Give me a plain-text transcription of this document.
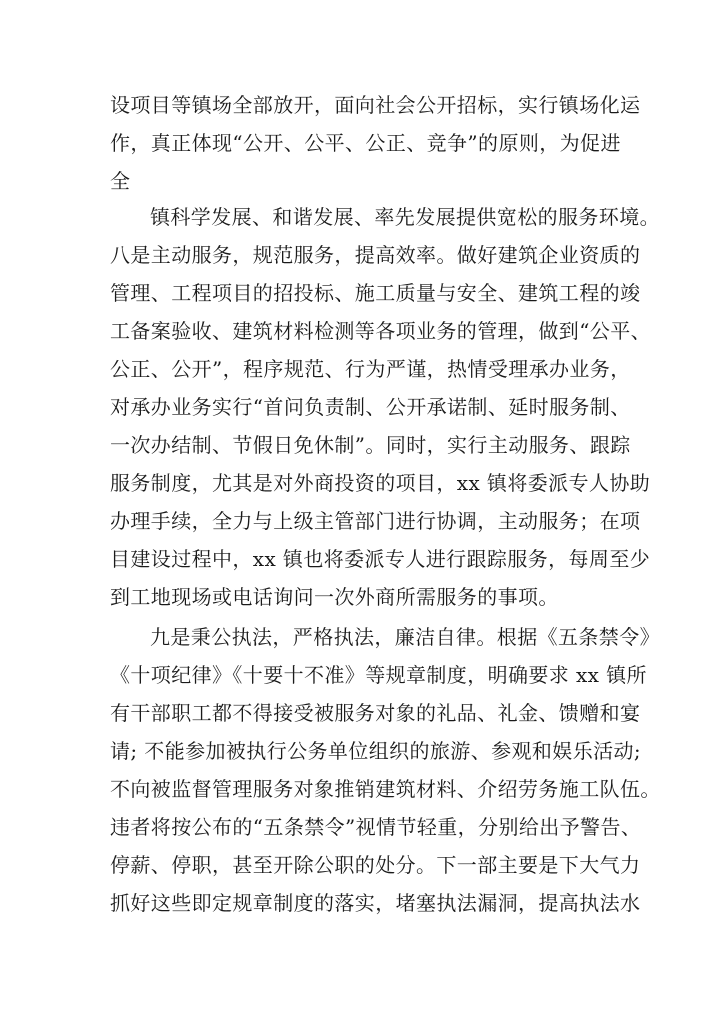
设项目等镇场全部放开，面向社会公开招标，实行镇场化运
作，真正体现“公开、公平、公正、竞争”的原则，为促进
全
镇科学发展、和谐发展、率先发展提供宽松的服务环境。
八是主动服务，规范服务，提高效率。做好建筑企业资质的
管理、工程项目的招投标、施工质量与安全、建筑工程的竣
工备案验收、建筑材料检测等各项业务的管理，做到“公平、
公正、公开”，程序规范、行为严谨，热情受理承办业务，
对承办业务实行“首问负责制、公开承诺制、延时服务制、
一次办结制、节假日免休制”。同时，实行主动服务、跟踪
服务制度，尤其是对外商投资的项目，xx 镇将委派专人协助
办理手续，全力与上级主管部门进行协调，主动服务；在项
目建设过程中，xx 镇也将委派专人进行跟踪服务，每周至少
到工地现场或电话询问一次外商所需服务的事项。
九是秉公执法，严格执法，廉洁自律。根据《五条禁令》
《十项纪律》《十要十不准》等规章制度，明确要求 xx 镇所
有干部职工都不得接受被服务对象的礼品、礼金、馈赠和宴
请; 不能参加被执行公务单位组织的旅游、参观和娱乐活动;
不向被监督管理服务对象推销建筑材料、介绍劳务施工队伍。
违者将按公布的“五条禁令”视情节轻重，分别给出予警告、
停薪、停职，甚至开除公职的处分。下一部主要是下大气力
抓好这些即定规章制度的落实，堵塞执法漏洞，提高执法水
